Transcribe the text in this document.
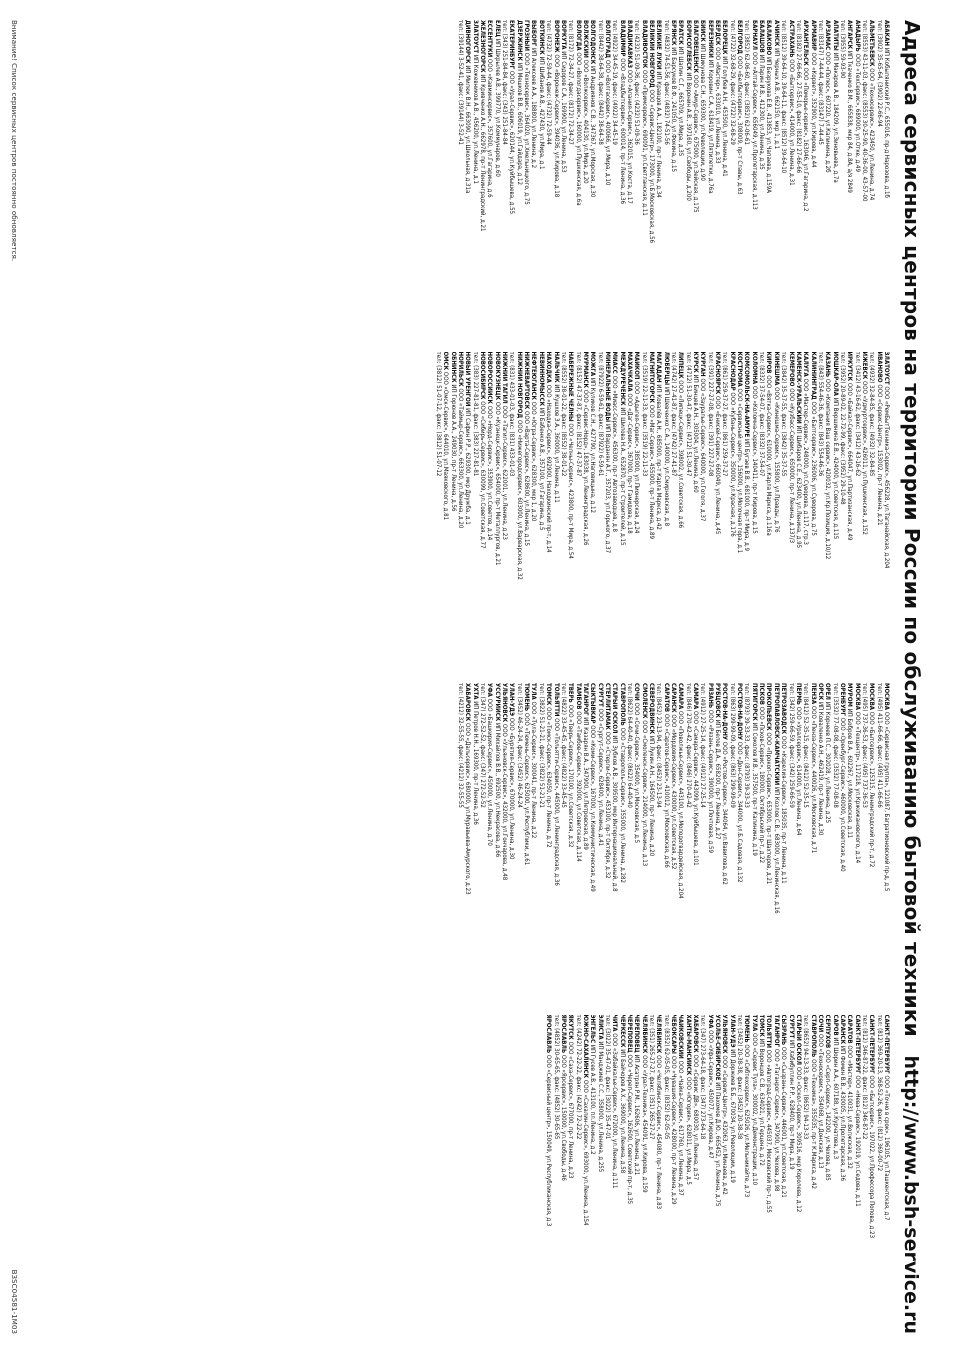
Адреса сервисных центров на территории России по обслуживанию бытовой техники
http://www.bsh-service.ru
АБАКАН ИП Кобыляниский Р.С., 655016, пр-д Нарозова, д.1б
тел: (3902) 35-65-64, (3902) 22-66-94
АЛЬМЕТЬЕВСК ООО «Техносервис», 423450, ул.Ленина, д.74
тел: (8553) 43-11-03, факс: (8553) 30-25-90, 40-36-00, 43-57-00
АНАДЫРЬ ООО «ТехСервис», 689000, ул.Отке, д.49
АНГАРСК ИП Ткаченко В.М., 665838, мкр 84, д.8А, а/я 2849
тел: (3955) 59-93-90
АПАТИТЫ ИП Макаров А.В., 184209, ул.Зиновьева, д.7а
АРЗАМАС ООО «Полюс», 607220, ул.Калинина, д.2б
тел: (83147) 7-44-44, факс: (83147) 7-44-45
АРМАВИР ООО «Корвет», 352900, ул.Кирова, д.44
АРХАНГЕЛЬСК ООО «Поморье-сервис», 163046, ул.Гагарина, д.2
тел: (8182) 27-66-66, 27-55-10, факс: (8182) 27-66-66
АСТРАХАНЬ ООО «Бытсервис», 414000, ул.Ленина, д.31
тел: (8512) 39-64-10, 39-64-11, факс: (8512) 39-64-10
АЧИНСК ИП Черных А.В., 662150, мкр 1, д.1
БАЛАКОВО ИП Безрукова Е.В., 413853, ул.Чапаева, д.159А
БАЛАШОВ ИП Ларин И.В., 412300, ул.Ленина, д.35
БАРНАУЛ ООО «Алтай-Сервис», 656049, ул.Пролетарская, д.113
тел: (3852) 62-06-60, факс: (3852) 62-06-61
БЕЛГОРОД ООО «Белбытсервис», 308009, пр-т Славы, д.63
тел: (4722) 32-68-29, факс: (4722) 32-68-29
БЕЛОРЕЦК ИП Голубев А.Н., 453500, ул.Ленина, д.41
БЕРДСК ООО «Мастер», 633010, ул.Ленина, д.33
БЕРЕЗНИКИ ИП Коровин С.А., 618419, ул.Пятилетки, д.76а
БИЙСК ИП Шикунова С.Н., 659300, ул.Революции, д.90
БЛАГОВЕЩЕНСК ООО «Амур-Сервис», 675000, ул.Зейская, д.175
БОРИСОГЛЕБСК ИП Воронин А.В., 397160, ул.Свободы, д.200
БРАТСК ИП Шапин С.Г., 665709, ул.Мира, д.35
БРЯНСК ИП Барсуков В.Ф., 241050, ул.Фокина, д.15
тел: (4832) 74-51-56, факс: (4832) 74-51-56
ВЕЛИКИЕ ЛУКИ ИП Кравцов А.А., 182100, пр-т Ленина, д.34
ВЕЛИКИЙ НОВГОРОД ООО «Сервис-Центр», 173000, ул.Б.Московская, д.56
ВЛАДИВОСТОК ООО «Примсервис», 690091, ул.Светланская, д.11
тел: (4232) 51-09-36, факс: (4232) 51-09-36
ВЛАДИКАВКАЗ ООО «Алания-Сервис», 362015, ул.Коста, д.17
ВЛАДИМИР ООО «Владбытсервис», 600014, пр-т Ленина, д.36
тел: (4922) 34-45-19, факс: (4922) 34-45-19
ВОЛГОГРАД ООО «Волгасервис», 400066, ул.Мира, д.10
тел: (8442) 38-64-38, факс: (8442) 38-64-38
ВОЛГОДОНСК ИП Андриянов С.В., 347367, ул.Морская, д.30
ВОЛЖСКИЙ ООО «Волжсервис», 404130, ул.Мира, д.20
ВОЛОГДА ООО «Вологдасервис», 160000, ул.Пушкинская, д.6а
тел: (8172) 72-34-27, факс: (8172) 72-34-27
ВОРКУТА ИП Сидоров С.А., 169900, ул.Ленина, д.53
ВОРОНЕЖ ООО «Воронеж-Сервис», 394036, ул.Кирова, д.18
тел: (4732) 72-59-44, факс: (4732) 72-59-44
ВОТКИНСК ИП Шибанов А.В., 427430, ул.Мира, д.1
ВЫБОРГ ИП Алексеев А.А., 188800, ул.Ленина, д.2
ГРОЗНЫЙ ООО «Техносервис», 364020, ул.Хмельницкого, д.75
ДЗЕРЖИНСК ИП Мешков В.В., 606019, ул.Гайдара, д.12
ЕКАТЕРИНБУРГ ООО «Урал-Сервис», 620144, ул.Куйбышева, д.55
тел: (343) 251-84-84, факс: (343) 251-84-84
ЕЛЕЦ ИП Шкрылев А.В., 399770, ул.Коммунаров, д.60
ЕССЕНТУКИ ООО «Кавминсервис», 357600, ул.Гагарина, д.6
ЖЕЛЕЗНОГОРСК ИП Кривченко А.Н., 662978, пр-т Ленинградский, д.21
ЗЛАТОУСТ ИП Кожевников А.В., 456200, ул.Ленина, д.1
ДИВНОГОРСК ИП Милюк В.Н., 663090, ул.Школьная, д.31а
тел: (39144) 3-52-41, факс: (39144) 3-52-41
ЗЛАТОУСТ ООО «РемБытТехника-Сервис», 456228, ул.Таганайская, д.204
ИВАНОВО ООО «Сервис-Центр», 153002, пр-т Ленина, д.21
тел: (4932) 32-84-85, факс: (4932) 32-84-85
ИЖЕВСК ООО «Удмуртсервис», 426011, ул.Пушкинская, д.152
тел: (3412) 43-16-62, факс: (3412) 43-16-62
ИРКУТСК ООО «Байкал-Сервис», 664047, ул.Партизанская, д.49
тел: (3952) 20-89-02, 22-72-99, факс: (3952) 29-10-48
ИОШКАР-ОЛА ИП Вершинина Е.В., 424000, ул.Советская, д.115
КАЗАНЬ ООО «Компания Ваш сервис», 420032, ул.Кр.Позиция, д.10/12
тел: (843) 554-46-36, факс: (843) 554-46-36
КАЛИНИНГРАД ООО «Балтсервис», 236006, ул.Суворова, д.75
КАЛУГА ООО «Мастер-Сервис», 248000, ул.Суворова, д.117, стр.3
КАМЕНСК-УРАЛЬСКИЙ ИП Шибаров С.Е., 623400, ул.Ленина, д.95
КЕМЕРОВО ООО «Кузбасс-Сервис», 650000, пр-т Ленина, д.137/3
тел: (3842) 35-37-55, факс: (3842) 35-37-55
КИНЕШМА ООО «Кинешма-Сервис», 155800, ул.Правды, д.76
КИРОВ ООО «Вятка-Сервис», 610000, ул.Карла Маркса, д.116а
тел: (8332) 37-54-07, факс: (8332) 37-54-07
КОЛОМНА ООО «Коломна-Сервис», 140411, пр-т Кирова, д.15
КОМСОМОЛЬСК-НА-АМУРЕ ИП Бугаев В.В., 681000, пр-т Мира, д.9
КОСТРОМА ООО «Сервисный центр», 156000, ул.Молочная гора, д.1
КРАСНОДАР ООО «Кубань-Сервис», 350000, ул.Красная, д.176
тел: (861) 259-37-27, факс: (861) 259-37-27
КРАСНОЯРСК ООО «Енисей-Сервис», 660049, ул.Ленина, д.45
тел: (391) 227-27-08, факс: (391) 227-27-08
КУРГАН ООО «Зауралье-Сервис», 640000, ул.Гоголя, д.37
КУРСК ИП Бинцев А.Н., 305004, ул.Ленина, д.60
тел: (4712) 51-30-47, факс: (4712) 51-30-47
ЛИПЕЦК ООО «Липецк-Сервис», 398002, ул.Советская, д.66
тел: (4742) 27-41-87, факс: (4742) 27-41-87
ЛЮБЕРЦЫ ИП Шевченко С.А., 140000, ул.Смирновская, д.8
МАГАДАН ИП Ковалёв А.Н., 685000, пр-т Карла Маркса, д.42
МАГНИТОГОРСК ООО «Маг-Сервис», 455000, пр-т Ленина, д.89
тел: (3519) 22-11-33, факс: (3519) 22-11-33
МАЙКОП ООО «Адыгея-Сервис», 385000, ул.Пионерская, д.24
МАХАЧКАЛА ООО «Даг-Сервис», 367000, пр-т Гамидова, д.18
МЕЖДУРЕЧЕНСК ИП Шилова Н.А., 652870, пр-т Строителей, д.15
МИАСС ООО «Миасс-Сервис», 456300, пр-т Автозаводцев, д.8
МИНЕРАЛЬНЫЕ ВОДЫ ИП Варданян А.Г., 357203, ул.Горького, д.37
тел: (87922) 6-59-61, факс: (87922) 6-59-61
МОЖГА ИП Куликов С.Н., 427790, ул.Наговицына, д.12
МУРМАНСК ООО «Сервис-Норд», 183038, ул.Ленинградская, д.26
тел: (8152) 47-37-87, факс: (8152) 47-37-87
НАБЕРЕЖНЫЕ ЧЕЛНЫ ООО «Челны-Сервис», 423800, пр-т Мира, д.54
тел: (8552) 38-01-22, факс: (8552) 38-01-22
НАЛЬЧИК ИП Кушхов З.А., 360000, ул.Ленина, д.11
НАХОДКА ООО «Находка-Сервис», 692900, Находкинский пр-т, д.14
НЕВИННОМЫССК ИП Бабенко А.В., 357100, ул.Гагарина, д.5
НЕФТЕЮГАНСК ООО «Югра-Сервис», 628300, мкр 1, д.20
НИЖНЕВАРТОВСК ООО «Варта-Сервис», 628600, ул.Ленина, д.15
НИЖНИЙ НОВГОРОД ООО «Нижегородсервис», 603000, ул.Варварская, д.32
тел: (831) 433-01-03, факс: (831) 433-01-03
НИЖНИЙ ТАГИЛ ООО «Тагил-Сервис», 622001, ул.Ленина, д.23
НОВОКУЗНЕЦК ООО «Кузнецк-Сервис», 654000, пр-т Металлургов, д.21
НОВОРОССИЙСК ООО «Норд-Сервис», 353900, ул.Советов, д.14
НОВОСИБИРСК ООО «Сибирь-Сервис», 630099, ул.Советская, д.77
тел: (383) 227-81-81, факс: (383) 227-81-81
НОВЫЙ УРЕНГОЙ ИП Сафин Р.Р., 629300, мкр Дружба, д.1
НОРИЛЬСК ООО «Таймыр-Сервис», 663300, ул.Ленина, д.20
ОБНИНСК ИП Горюнов А.А., 249030, пр-т Ленина, д.56
ОМСК ООО «Омск-Сервис», 644010, ул.Маяковского, д.81
тел: (3812) 51-07-12, факс: (3812) 51-07-12
МОСКВА ООО «Сервисная группа», 121087, Багратионовский пр-д, д.5
тел: (495) 411-66-66, факс: (495) 411-66-66
МОСКВА ООО «Бытсервис», 125315, Ленинградский пр-т, д.72
тел: (495) 737-36-53, факс: (495) 737-36-53
МОСКВА ООО «Техцентр», 117218, ул.Кржижановского, д.14
МУРОМ ИП Бобров В.А., 602267, ул.Московская, д.11
ОРЕНБУРГ ООО «Оренбург-Сервис», 460000, ул.Советская, д.40
тел: (3532) 77-08-08, факс: (3532) 77-08-08
ОРЕЛ ИП Корнеев П.С., 302028, ул.Ленина, д.25
ОРСК ИП Коваленко А.Н., 462419, пр-т Ленина, д.30
ПЕНЗА ООО «Пенза-Сервис», 440026, ул.Московская, д.71
тел: (8412) 52-35-15, факс: (8412) 52-35-15
ПЕРМЬ ООО «Уралсервис», 614000, ул.Ленина, д.64
тел: (342) 259-66-59, факс: (342) 259-66-59
ПЕТРОЗАВОДСК ООО «Карелия-Сервис», 185035, пр-т Ленина, д.11
ПЕТРОПАВЛОВСК-КАМЧАТСКИЙ ИП Козлов С.В., 683000, ул.Ленинская, д.16
ПРОКОПЬЕВСК ООО «Прокоп-Сервис», 653000, пр-т Шахтеров, д.21
ПСКОВ ООО «Псков-Сервис», 180000, Октябрьский пр-т, д.22
ПЯТИГОРСК ИП Соколов И.В., 357500, пр-т Калинина, д.19
тел: (8793) 39-33-33, факс: (8793) 39-33-33
РОСТОВ-НА-ДОНУ ООО «Дон-Сервис», 344000, ул.Б.Садовая, д.132
тел: (863) 299-99-09, факс: (863) 299-99-09
РОСТОВ-НА-ДОНУ ООО «Ростов-Сервис», 344064, ул.Вавилова, д.62
РУБЦОВСК ИП Белов Д.А., 658200, пр-т Ленина, д.27
РЯЗАНЬ ООО «Рязань-Сервис», 390000, ул.Почтовая, д.59
тел: (4912) 27-25-14, факс: (4912) 27-25-14
САМАРА ООО «Самара-Сервис», 443099, ул.Куйбышева, д.101
тел: (846) 270-42-42, факс: (846) 270-42-42
САМАРА ООО «Поволжье-Сервис», 443100, ул.Молодогвардейская, д.204
САРАНСК ООО «Мордовия-Сервис», 430000, ул.Советская, д.52
САРАТОВ ООО «Саратов-Сервис», 410012, ул.Московская, д.66
тел: (8452) 23-13-94, факс: (8452) 23-13-94
СЕВЕРОДВИНСК ИП Лукин А.Н., 164500, пр-т Ленина, д.20
СМОЛЕНСК ООО «Смоленск-Сервис», 214000, ул.Ленина, д.13
СОЧИ ООО «Сочи-Сервис», 354000, ул.Московская, д.5
тел: (8622) 64-40-40, факс: (8622) 64-40-40
СТАВРОПОЛЬ ООО «Ставрополь-Сервис», 355000, ул.Ленина, д.282
СТАРЫЙ ОСКОЛ ИП Зубков А.В., 309500, мкр Интернациональный, д.8
СТЕРЛИТАМАК ООО «Стерли-Сервис», 453100, пр-т Октября, д.32
СУРГУТ ООО «Сургут-Сервис», 628400, ул.Ленина, д.41
СЫКТЫВКАР ООО «Коми-Сервис», 167000, ул.Коммунистическая, д.49
ТАГАНРОГ ИП Казарян В.А., 347900, ул.Петровская, д.89
ТАМБОВ ООО «Тамбов-Сервис», 392000, ул.Советская, д.114
ТВЕРЬ ООО «Тверь-Сервис», 170100, ул.Советская, д.32
тел: (4822) 33-45-45, факс: (4822) 33-45-45
ТОЛЬЯТТИ ООО «Тольятти-Сервис», 445000, ул.Ленинградская, д.36
ТОМСК ООО «Томск-Сервис», 634050, пр-т Ленина, д.72
тел: (3822) 51-21-21, факс: (3822) 51-21-21
ТУЛА ООО «Тула-Сервис», 300041, пр-т Ленина, д.22
ТЮМЕНЬ ООО «Тюмень-Сервис», 625000, ул.Республики, д.61
тел: (3452) 46-24-24, факс: (3452) 46-24-24
УЛАН-УДЭ ООО «Бурятия-Сервис», 670000, ул.Ленина, д.30
УЛЬЯНОВСК ООО «Ульяновск-Сервис», 432000, ул.Гончарова, д.48
УССУРИЙСК ИП Михайлов В.В., 692500, ул.Некрасова, д.66
УФА ООО «Башкирия-Сервис», 450000, ул.Ленина, д.70
тел: (347) 272-52-52, факс: (347) 272-52-52
УХТА ИП Петров Н.Н., 169300, пр-т Ленина, д.36
ХАБАРОВСК ООО «Дальсервис», 680000, ул.Муравьева-Амурского, д.23
тел: (4212) 32-55-55, факс: (4212) 32-55-55
САНКТ-ПЕТЕРБУРГ ООО «Точно в срок», 196105, ул.Ташкентская, д.7
тел: (812) 369-20-13, 368-52-26, факс: (812) 369-00-72
САНКТ-ПЕТЕРБУРГ ООО «Бытсервис», 197022, ул.Профессора Попова, д.23
тел: (812) 346-87-22, факс: (812) 346-87-22
САНКТ-ПЕТЕРБУРГ ООО «Нева-Сервис», 192019, ул.Седова, д.11
САРАТОВ ООО «Мастер», 410031, ул.Волжская, д.32
САРАНСК ИП Фомин В.В., 430005, ул.Пролетарская, д.36
САРОВ ИП Шорин А.А., 607188, ул.Курчатова, д.3
СЕРПУХОВ ООО «Серп-Сервис», 142200, ул.Чехова, д.85
СОЧИ ООО «Техносервис», 354068, ул.Донская, д.13
СТАВРОПОЛЬ ООО «Техника», 355035, пр-т К.Маркса, д.42
тел: (8652) 94-13-33, факс: (8652) 94-13-33
СТАРЫЙ ОСКОЛ ООО «Оскол-Сервис», 309516, мкр Королева, д.12
СУРГУТ ИП Хабибуллин Р.Р., 628400, пр-т Мира, д.19
СЫЗРАНЬ ООО «Сызрань-Сервис», 446001, ул.Советская, д.21
ТАГАНРОГ ООО «Таганрог-Сервис», 347900, ул.Чехова, д.98
ТОЛЬЯТТИ ООО «Автоград-Сервис», 445037, Московский пр-т, д.55
ТОМСК ИП Воронцов С.В., 634021, ул.Герцена, д.72
ТУЛА ООО «Сервис Тула», 300002, ул.Демонстрации, д.10
ТЮМЕНЬ ООО «Сибтехсервис», 625026, ул.Мельникайте, д.73
тел: (3452) 20-38-38, факс: (3452) 20-38-38
УЛАН-УДЭ ИП Доржиев Б.Б., 670034, ул.Революции, д.19
УЛЬЯНОВСК ООО «Сервис-Центр», 432063, ул.Минаева, д.42
УСОЛЬЕ-СИБИРСКОЕ ИП Пахомов Д.Ю., 665452, ул.Ленина, д.75
УФА ООО «Уфа-Сервис», 450077, ул.Кирова, д.47
тел: (347) 273-64-18, факс: (347) 273-64-18
ХАБАРОВСК ООО «Сервис ДВ», 680030, ул.Ленина, д.57
ХАНТЫ-МАНСИЙСК ООО «Югория», 628011, ул.Мира, д.5
ЧАЙКОВСКИЙ ООО «Чайка-Сервис», 617760, ул.Ленина, д.37
ЧЕБОКСАРЫ ООО «Чувашия-Сервис», 428000, пр-т Ленина, д.29
тел: (8352) 62-05-05, факс: (8352) 62-05-05
ЧЕЛЯБИНСК ООО «Челябинск-Сервис», 454080, пр-т Ленина, д.83
тел: (351) 265-27-27, факс: (351) 265-27-27
ЧЕЛЯБИНСК ООО «Урал-Техника», 454091, ул.Кирова, д.159
ЧЕРЕПОВЕЦ ИП Асатрян Р.М., 162606, ул.Ленина, д.21
ЧЕРЕПОВЕЦ ООО «Череп-Сервис», 162600, Советский пр-т, д.35
ЧЕРКЕССК ИП Байчоров А.Х., 369000, ул.Ленина, д.58
ЧИТА ООО «Забайкалье-Сервис», 672000, ул.Ленина, д.111
тел: (3022) 35-47-01, факс: (3022) 35-47-01
ЭЛИСТА ИП Манджиев С.С., 358000, ул.Ленина, д.255
ЭНГЕЛЬС ИП Гусев А.В., 413100, пл.Ленина, д.2
ЮЖНО-САХАЛИНСК ООО «Сахалин-Сервис», 693000, ул.Ленина, д.154
тел: (4242) 72-22-22, факс: (4242) 72-22-22
ЯКУТСК ООО «Саха-Сервис», 677000, пр-т Ленина, д.23
ЯРОСЛАВЛЬ ООО «Ярсервис», 150000, ул.Свободы, д.46
тел: (4852) 30-65-65, факс: (4852) 30-65-65
ЯРОСЛАВЛЬ ООО «Сервисный центр», 150049, ул.Республиканская, д.3
Внимание! Список сервисных центров постоянно обновляется.
B3SC04581-1M03
